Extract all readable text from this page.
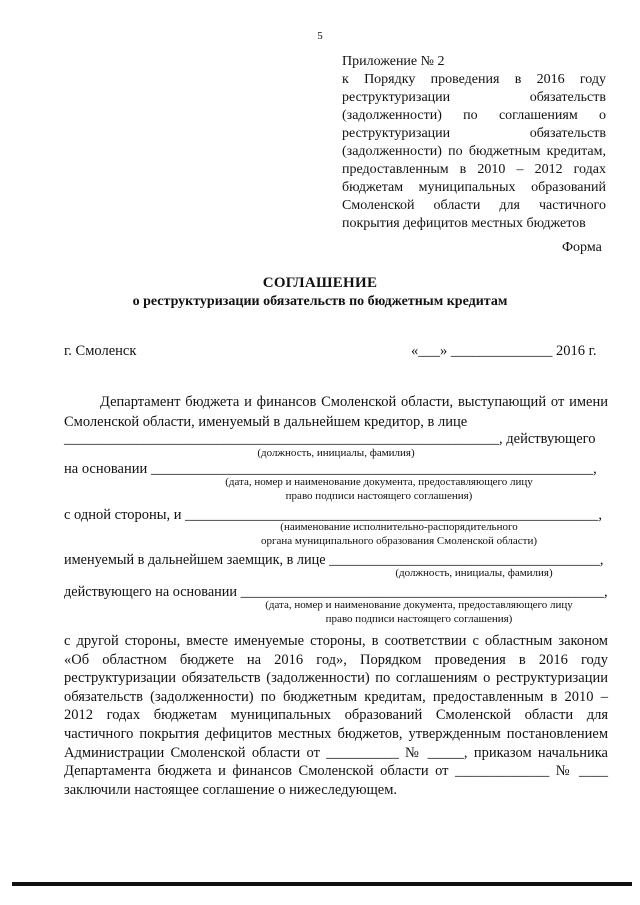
5
Приложение № 2
к Порядку проведения в 2016 году реструктуризации обязательств (задолженности) по соглашениям о реструктуризации обязательств (задолженности) по бюджетным кредитам, предоставленным в 2010 – 2012 годах бюджетам муниципальных образований Смоленской области для частичного покрытия дефицитов местных бюджетов
Форма
СОГЛАШЕНИЕ
о реструктуризации обязательств по бюджетным кредитам
г. Смоленск	«___» ______________ 2016 г.
Департамент бюджета и финансов Смоленской области, выступающий от имени Смоленской области, именуемый в дальнейшем кредитор, в лице
____________________________________________________________, действующего
(должность, инициалы, фамилия)
на основании _____________________________________________________________,
(дата, номер и наименование документа, предоставляющего лицу
право подписи настоящего соглашения)
с одной стороны, и _________________________________________________________,
(наименование исполнительно-распорядительного
органа муниципального образования Смоленской области)
именуемый в дальнейшем заемщик, в лице ______________________________________,
(должность, инициалы, фамилия)
действующего на основании ___________________________________________________,
(дата, номер и наименование документа, предоставляющего лицу
право подписи настоящего соглашения)
с другой стороны, вместе именуемые стороны, в соответствии с областным законом «Об областном бюджете на 2016 год», Порядком проведения в 2016 году реструктуризации обязательств (задолженности) по соглашениям о реструктуризации обязательств (задолженности) по бюджетным кредитам, предоставленным в 2010 – 2012 годах бюджетам муниципальных образований Смоленской области для частичного покрытия дефицитов местных бюджетов, утвержденным постановлением Администрации Смоленской области от __________ № _____, приказом начальника Департамента бюджета и финансов Смоленской области от _____________ № ____ заключили настоящее соглашение о нижеследующем.
